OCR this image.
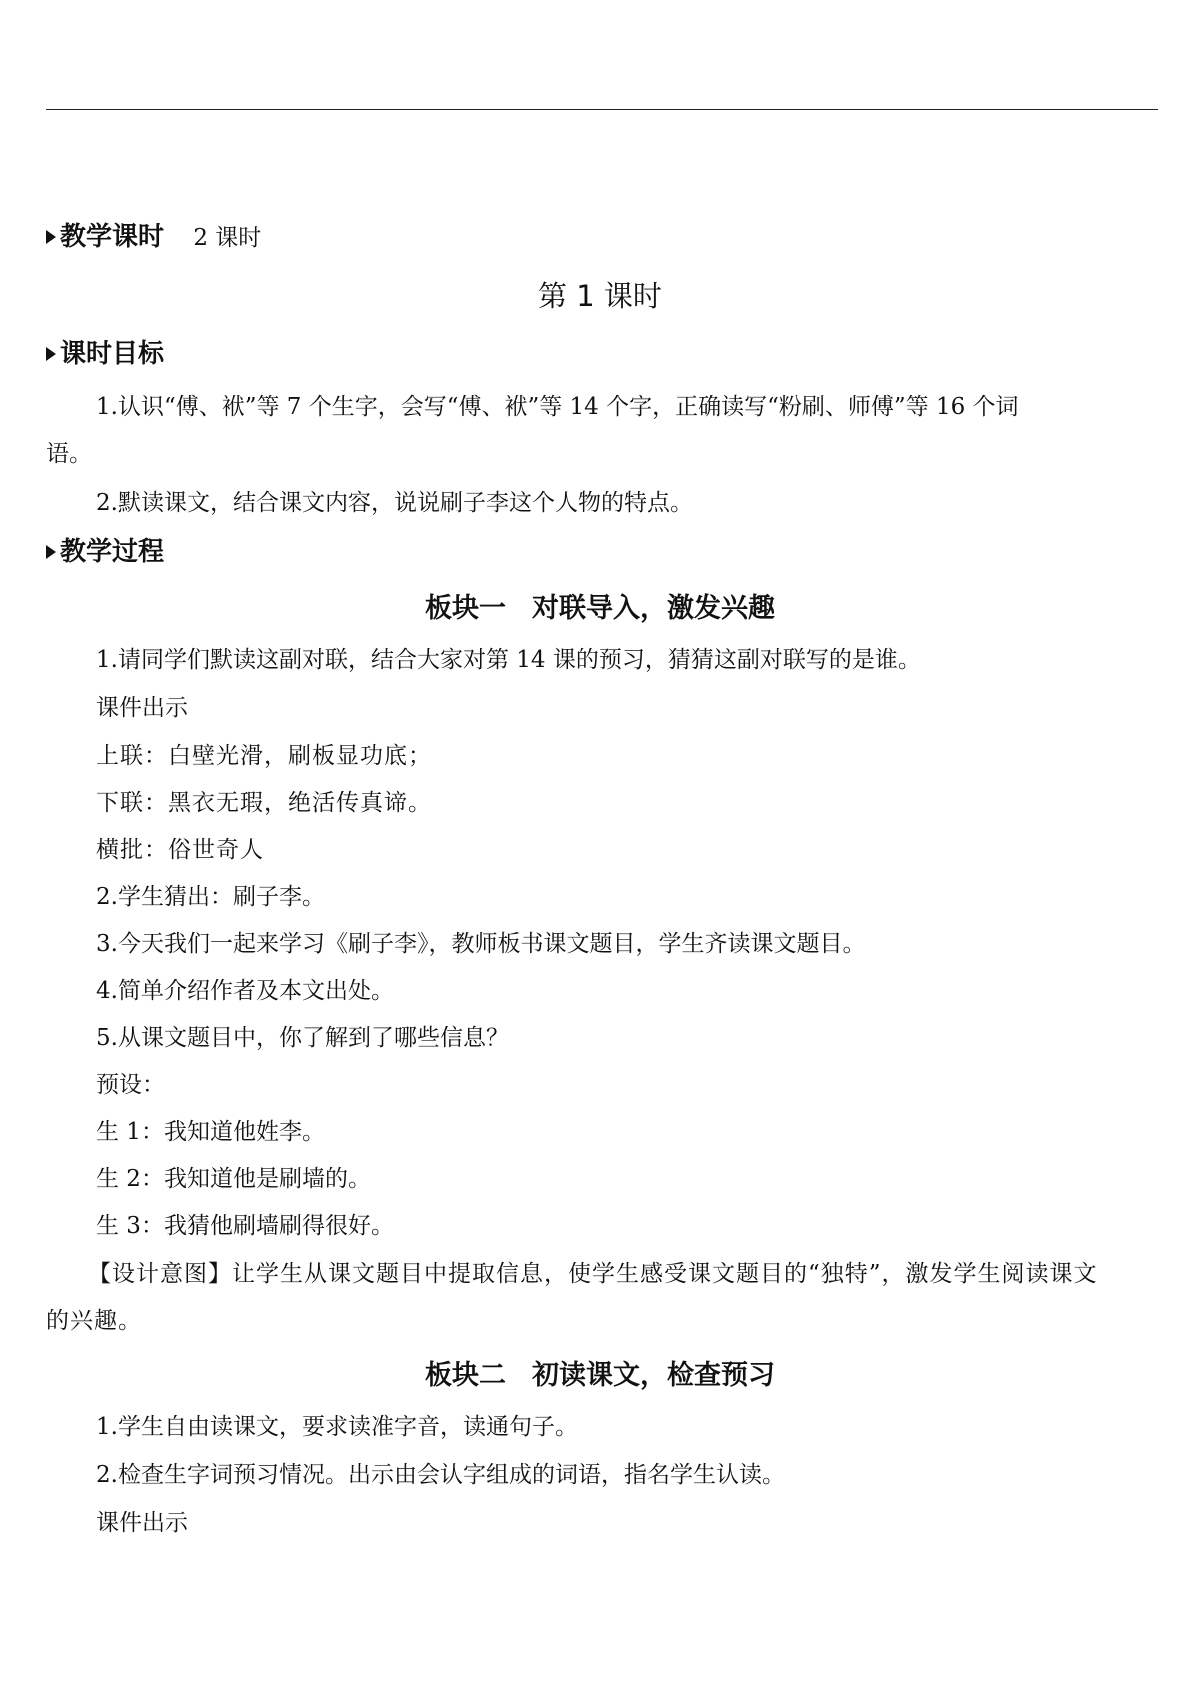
教学课时 2 课时
第 1 课时
课时目标
1.认识“傅、袱”等 7 个生字，会写“傅、袱”等 14 个字，正确读写“粉刷、师傅”等 16 个词
语。
2.默读课文，结合课文内容，说说刷子李这个人物的特点。
教学过程
板块一 对联导入，激发兴趣
1.请同学们默读这副对联，结合大家对第 14 课的预习，猜猜这副对联写的是谁。
课件出示
上联：白壁光滑，刷板显功底；
下联：黑衣无瑕，绝活传真谛。
横批：俗世奇人
2.学生猜出：刷子李。
3.今天我们一起来学习《刷子李》，教师板书课文题目，学生齐读课文题目。
4.简单介绍作者及本文出处。
5.从课文题目中，你了解到了哪些信息？
预设：
生 1：我知道他姓李。
生 2：我知道他是刷墙的。
生 3：我猜他刷墙刷得很好。
【设计意图】让学生从课文题目中提取信息，使学生感受课文题目的“独特”，激发学生阅读课文
的兴趣。
板块二 初读课文，检查预习
1.学生自由读课文，要求读准字音，读通句子。
2.检查生字词预习情况。出示由会认字组成的词语，指名学生认读。
课件出示
